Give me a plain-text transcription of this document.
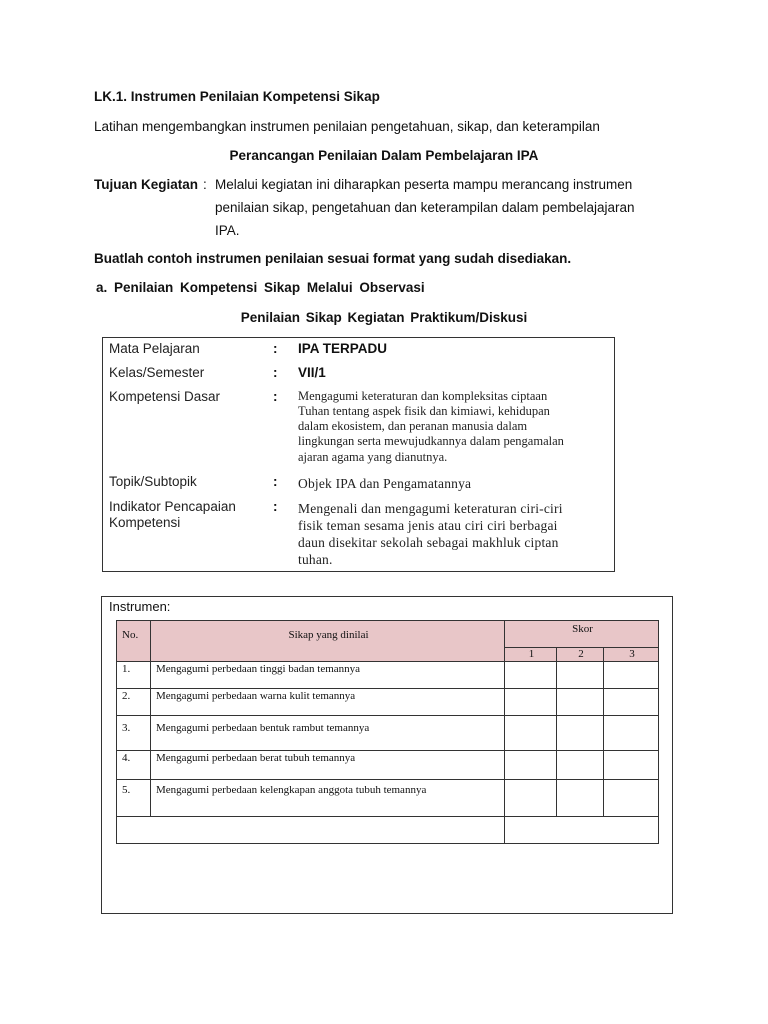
LK.1. Instrumen Penilaian Kompetensi Sikap
Latihan mengembangkan instrumen penilaian pengetahuan, sikap, dan keterampilan
Perancangan Penilaian Dalam Pembelajaran IPA
Tujuan Kegiatan : Melalui kegiatan ini diharapkan peserta mampu merancang instrumen
penilaian sikap, pengetahuan dan keterampilan dalam pembelajajaran
IPA.
Buatlah contoh instrumen penilaian sesuai format yang sudah disediakan.
a. Penilaian Kompetensi Sikap Melalui Observasi
Penilaian Sikap Kegiatan Praktikum/Diskusi
Mata Pelajaran	: IPA TERPADU
Kelas/Semester	: VII/1
Kompetensi Dasar	: Mengagumi keteraturan dan kompleksitas ciptaan
Tuhan tentang aspek fisik dan kimiawi, kehidupan
dalam ekosistem, dan peranan manusia dalam
lingkungan serta mewujudkannya dalam pengamalan
ajaran agama yang dianutnya.
Topik/Subtopik	: Objek IPA dan Pengamatannya
Indikator Pencapaian
Kompetensi
: Mengenali dan mengagumi keteraturan ciri-ciri
fisik teman sesama jenis atau ciri ciri berbagai
daun disekitar sekolah sebagai makhluk ciptan
tuhan.
Instrumen:
No.	Sikap yang dinilai	Skor
1	2	3
1. Mengagumi perbedaan tinggi badan temannya
2. Mengagumi perbedaan warna kulit temannya
3. Mengagumi perbedaan bentuk rambut temannya
4. Mengagumi perbedaan berat tubuh temannya
5. Mengagumi perbedaan kelengkapan anggota tubuh temannya
